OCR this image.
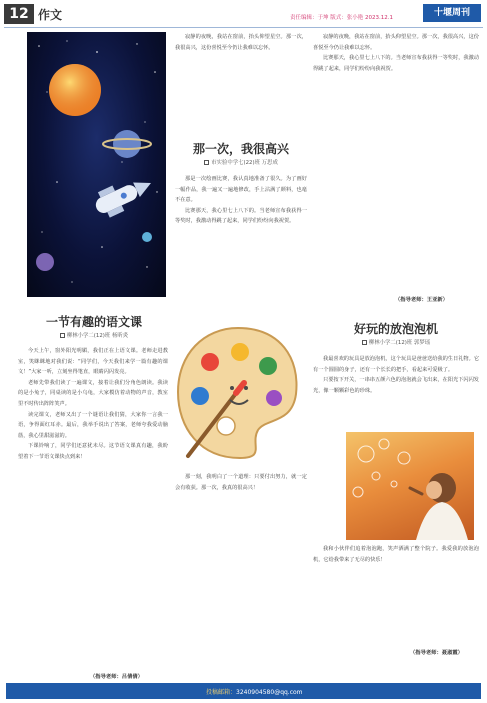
12 作文	责任编辑：于坤 版式：张小艳 2023.12.1	十堰周刊
一节有趣的语文课
柳林小学二(12)班 杨昕炎

今天上午，窗外阳光明媚，我们正在上语文课。老师走进教室，笑眯眯地对我们说：“同学们，今天我们来学一篇有趣的课文！”大家一听，立刻坐得笔直，眼睛闪闪发亮。

老师先带我们读了一遍课文，接着让我们分角色朗读。我读的是小兔子，同桌读的是小乌龟，大家模仿着动物的声音，教室里不时传出阵阵笑声。

读完课文，老师又出了一个谜语让我们猜，大家你一言我一语，争得面红耳赤。最后，我举手说出了答案，老师夸我爱动脑筋，我心里甜滋滋的。

下课铃响了，同学们还意犹未尽。这节语文课真有趣，我盼望着下一节语文课快点到来！

（指导老师：吕倩倩）

寂静的夜晚，我站在窗前，抬头仰望星空。那一次，我很高兴，这份喜悦至今仍让我难以忘怀。

那一次，我很高兴
市实验中学七(22)班 万思成

那是一次绘画比赛，我认真地准备了很久。为了画好一幅作品，我一遍又一遍地修改，手上沾满了颜料，也毫不在意。

比赛那天，我心里七上八下的。当老师宣布我获得一等奖时，我激动得跳了起来，同学们纷纷向我祝贺。

那一刻，我明白了一个道理：只要付出努力，就一定会有收获。那一次，我真的很高兴！

寂静的夜晚，我站在窗前，抬头仰望星空。那一次，我很高兴，这份喜悦至今仍让我难以忘怀。

比赛那天，我心里七上八下的。当老师宣布我获得一等奖时，我激动得跳了起来，同学们纷纷向我祝贺。

（指导老师：王亚新）
好玩的放泡泡机
柳林小学二(12)班 郭梦瑶

我最喜欢的玩具是放泡泡机，这个玩具是爸爸送给我的生日礼物。它有一个圆圆的身子，还有一个长长的把手，看起来可爱极了。

只要按下开关，一串串五颜六色的泡泡就会飞出来，在阳光下闪闪发光，像一颗颗彩色的珍珠。

我和小伙伴们追着泡泡跑，笑声洒满了整个院子。我爱我的放泡泡机，它给我带来了无尽的快乐！

（指导老师：聂淑霞）
投稿邮箱：3240904580@qq.com
